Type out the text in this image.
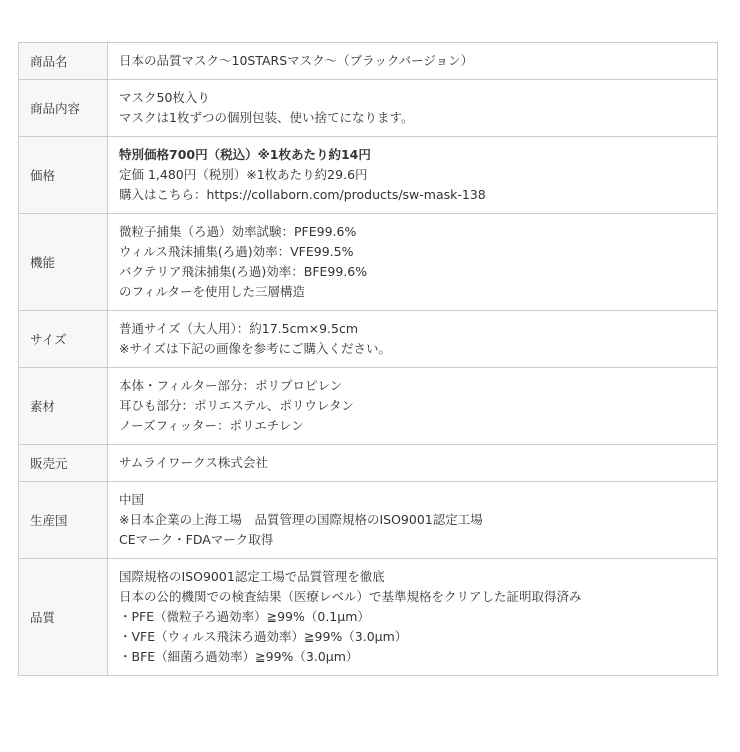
商品名	日本の品質マスク〜10STARSマスク〜（ブラックバージョン）

商品内容	マスク50枚入り
マスクは1枚ずつの個別包装、使い捨てになります。

価格	特別価格700円（税込）※1枚あたり約14円
定価 1,480円（税別）※1枚あたり約29.6円
購入はこちら：https://collaborn.com/products/sw-mask-138

機能	微粒子捕集（ろ過）効率試験：PFE99.6%
ウィルス飛沫捕集(ろ過)効率：VFE99.5%
バクテリア飛沫捕集(ろ過)効率：BFE99.6%
のフィルターを使用した三層構造

サイズ	普通サイズ（大人用）：約17.5cm×9.5cm
※サイズは下記の画像を参考にご購入ください。

素材	本体・フィルター部分：ポリプロピレン
耳ひも部分：ポリエステル、ポリウレタン
ノーズフィッター：ポリエチレン

販売元	サムライワークス株式会社

生産国	中国
※日本企業の上海工場　品質管理の国際規格のISO9001認定工場
CEマーク・FDAマーク取得

品質	国際規格のISO9001認定工場で品質管理を徹底
日本の公的機関での検査結果（医療レベル）で基準規格をクリアした証明取得済み
・PFE（微粒子ろ過効率）≧99%（0.1μm）
・VFE（ウィルス飛沫ろ過効率）≧99%（3.0μm）
・BFE（細菌ろ過効率）≧99%（3.0μm）
